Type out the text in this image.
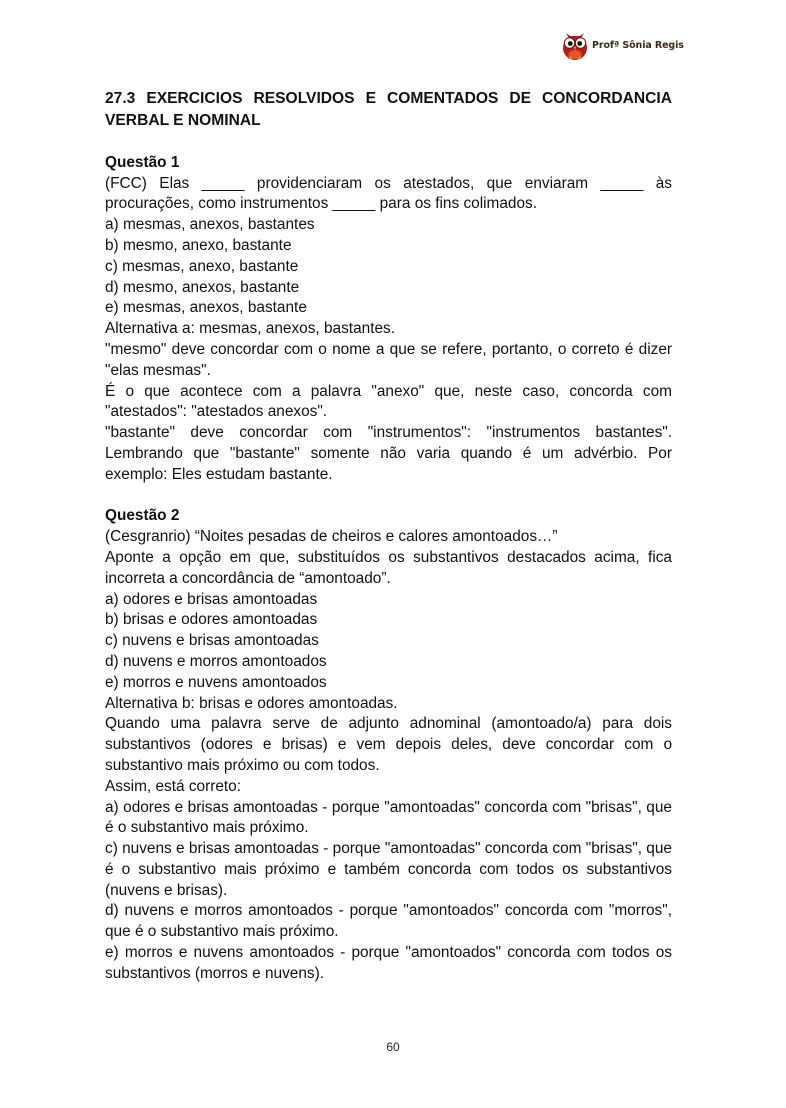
Profª Sônia Regis

27.3 EXERCICIOS RESOLVIDOS E COMENTADOS DE CONCORDANCIA VERBAL E NOMINAL

Questão 1

(FCC) Elas _____ providenciaram os atestados, que enviaram _____ às procurações, como instrumentos _____ para os fins colimados.

a) mesmas, anexos, bastantes

b) mesmo, anexo, bastante

c) mesmas, anexo, bastante

d) mesmo, anexos, bastante

e) mesmas, anexos, bastante

Alternativa a: mesmas, anexos, bastantes.

"mesmo" deve concordar com o nome a que se refere, portanto, o correto é dizer "elas mesmas".

É o que acontece com a palavra "anexo" que, neste caso, concorda com "atestados": "atestados anexos".

"bastante" deve concordar com "instrumentos": "instrumentos bastantes". Lembrando que "bastante" somente não varia quando é um advérbio. Por exemplo: Eles estudam bastante.

Questão 2

(Cesgranrio) “Noites pesadas de cheiros e calores amontoados…”

Aponte a opção em que, substituídos os substantivos destacados acima, fica incorreta a concordância de “amontoado”.

a) odores e brisas amontoadas

b) brisas e odores amontoadas

c) nuvens e brisas amontoadas

d) nuvens e morros amontoados

e) morros e nuvens amontoados

Alternativa b: brisas e odores amontoadas.

Quando uma palavra serve de adjunto adnominal (amontoado/a) para dois substantivos (odores e brisas) e vem depois deles, deve concordar com o substantivo mais próximo ou com todos.

Assim, está correto:

a) odores e brisas amontoadas - porque "amontoadas" concorda com "brisas", que é o substantivo mais próximo.

c) nuvens e brisas amontoadas - porque "amontoadas" concorda com "brisas", que é o substantivo mais próximo e também concorda com todos os substantivos (nuvens e brisas).

d) nuvens e morros amontoados - porque "amontoados" concorda com "morros", que é o substantivo mais próximo.

e) morros e nuvens amontoados - porque "amontoados" concorda com todos os substantivos (morros e nuvens).

60
